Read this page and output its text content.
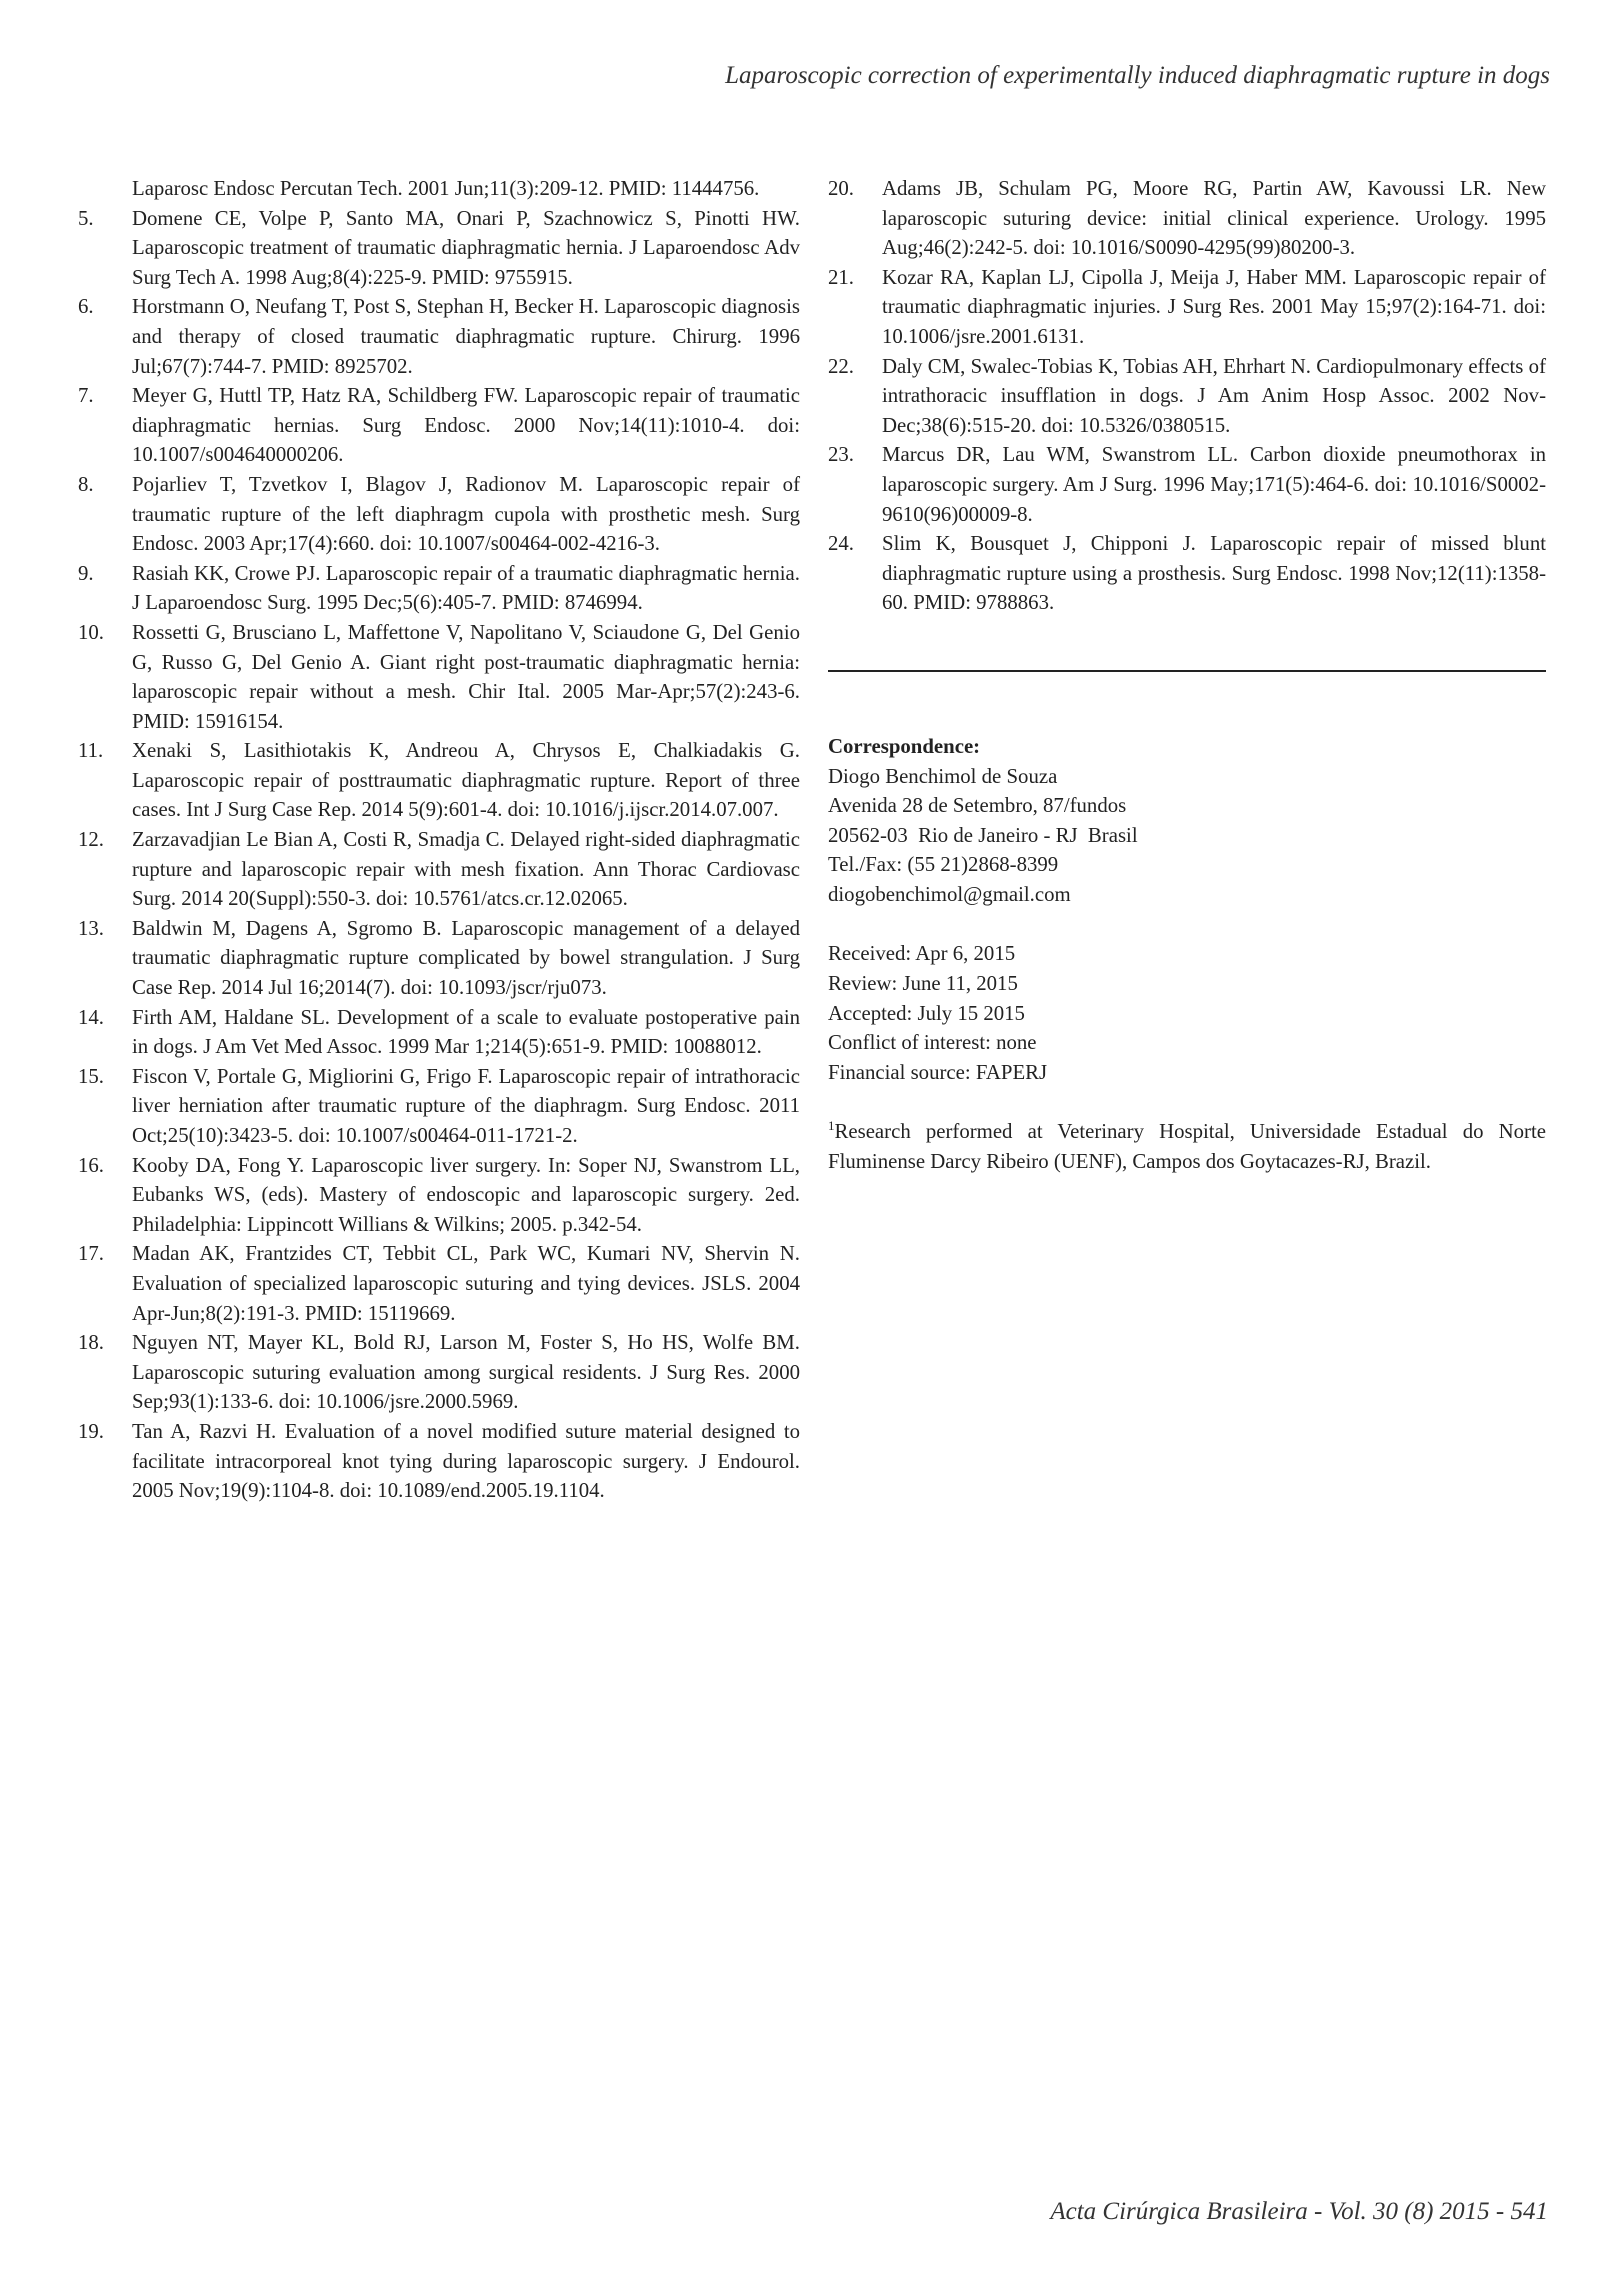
Laparoscopic correction of experimentally induced diaphragmatic rupture in dogs
Laparosc Endosc Percutan Tech. 2001 Jun;11(3):209-12. PMID: 11444756.
5. Domene CE, Volpe P, Santo MA, Onari P, Szachnowicz S, Pinotti HW. Laparoscopic treatment of traumatic diaphragmatic hernia. J Laparoendosc Adv Surg Tech A. 1998 Aug;8(4):225-9. PMID: 9755915.
6. Horstmann O, Neufang T, Post S, Stephan H, Becker H. Laparoscopic diagnosis and therapy of closed traumatic diaphragmatic rupture. Chirurg. 1996 Jul;67(7):744-7. PMID: 8925702.
7. Meyer G, Huttl TP, Hatz RA, Schildberg FW. Laparoscopic repair of traumatic diaphragmatic hernias. Surg Endosc. 2000 Nov;14(11):1010-4. doi: 10.1007/s004640000206.
8. Pojarliev T, Tzvetkov I, Blagov J, Radionov M. Laparoscopic repair of traumatic rupture of the left diaphragm cupola with prosthetic mesh. Surg Endosc. 2003 Apr;17(4):660. doi: 10.1007/s00464-002-4216-3.
9. Rasiah KK, Crowe PJ. Laparoscopic repair of a traumatic diaphragmatic hernia. J Laparoendosc Surg. 1995 Dec;5(6):405-7. PMID: 8746994.
10. Rossetti G, Brusciano L, Maffettone V, Napolitano V, Sciaudone G, Del Genio G, Russo G, Del Genio A. Giant right post-traumatic diaphragmatic hernia: laparoscopic repair without a mesh. Chir Ital. 2005 Mar-Apr;57(2):243-6. PMID: 15916154.
11. Xenaki S, Lasithiotakis K, Andreou A, Chrysos E, Chalkiadakis G. Laparoscopic repair of posttraumatic diaphragmatic rupture. Report of three cases. Int J Surg Case Rep. 2014 5(9):601-4. doi: 10.1016/j.ijscr.2014.07.007.
12. Zarzavadjian Le Bian A, Costi R, Smadja C. Delayed right-sided diaphragmatic rupture and laparoscopic repair with mesh fixation. Ann Thorac Cardiovasc Surg. 2014 20(Suppl):550-3. doi: 10.5761/atcs.cr.12.02065.
13. Baldwin M, Dagens A, Sgromo B. Laparoscopic management of a delayed traumatic diaphragmatic rupture complicated by bowel strangulation. J Surg Case Rep. 2014 Jul 16;2014(7). doi: 10.1093/jscr/rju073.
14. Firth AM, Haldane SL. Development of a scale to evaluate postoperative pain in dogs. J Am Vet Med Assoc. 1999 Mar 1;214(5):651-9. PMID: 10088012.
15. Fiscon V, Portale G, Migliorini G, Frigo F. Laparoscopic repair of intrathoracic liver herniation after traumatic rupture of the diaphragm. Surg Endosc. 2011 Oct;25(10):3423-5. doi: 10.1007/s00464-011-1721-2.
16. Kooby DA, Fong Y. Laparoscopic liver surgery. In: Soper NJ, Swanstrom LL, Eubanks WS, (eds). Mastery of endoscopic and laparoscopic surgery. 2ed. Philadelphia: Lippincott Willians & Wilkins; 2005. p.342-54.
17. Madan AK, Frantzides CT, Tebbit CL, Park WC, Kumari NV, Shervin N. Evaluation of specialized laparoscopic suturing and tying devices. JSLS. 2004 Apr-Jun;8(2):191-3. PMID: 15119669.
18. Nguyen NT, Mayer KL, Bold RJ, Larson M, Foster S, Ho HS, Wolfe BM. Laparoscopic suturing evaluation among surgical residents. J Surg Res. 2000 Sep;93(1):133-6. doi: 10.1006/jsre.2000.5969.
19. Tan A, Razvi H. Evaluation of a novel modified suture material designed to facilitate intracorporeal knot tying during laparoscopic surgery. J Endourol. 2005 Nov;19(9):1104-8. doi: 10.1089/end.2005.19.1104.
20. Adams JB, Schulam PG, Moore RG, Partin AW, Kavoussi LR. New laparoscopic suturing device: initial clinical experience. Urology. 1995 Aug;46(2):242-5. doi: 10.1016/S0090-4295(99)80200-3.
21. Kozar RA, Kaplan LJ, Cipolla J, Meija J, Haber MM. Laparoscopic repair of traumatic diaphragmatic injuries. J Surg Res. 2001 May 15;97(2):164-71. doi: 10.1006/jsre.2001.6131.
22. Daly CM, Swalec-Tobias K, Tobias AH, Ehrhart N. Cardiopulmonary effects of intrathoracic insufflation in dogs. J Am Anim Hosp Assoc. 2002 Nov-Dec;38(6):515-20. doi: 10.5326/0380515.
23. Marcus DR, Lau WM, Swanstrom LL. Carbon dioxide pneumothorax in laparoscopic surgery. Am J Surg. 1996 May;171(5):464-6. doi: 10.1016/S0002-9610(96)00009-8.
24. Slim K, Bousquet J, Chipponi J. Laparoscopic repair of missed blunt diaphragmatic rupture using a prosthesis. Surg Endosc. 1998 Nov;12(11):1358-60. PMID: 9788863.
Correspondence:
Diogo Benchimol de Souza
Avenida 28 de Setembro, 87/fundos
20562-03  Rio de Janeiro - RJ  Brasil
Tel./Fax: (55 21)2868-8399
diogobenchimol@gmail.com
Received: Apr 6, 2015
Review: June 11, 2015
Accepted: July 15 2015
Conflict of interest: none
Financial source: FAPERJ
$^1$Research performed at Veterinary Hospital, Universidade Estadual do Norte Fluminense Darcy Ribeiro (UENF), Campos dos Goytacazes-RJ, Brazil.
Acta Cirúrgica Brasileira - Vol. 30 (8) 2015 - 541
